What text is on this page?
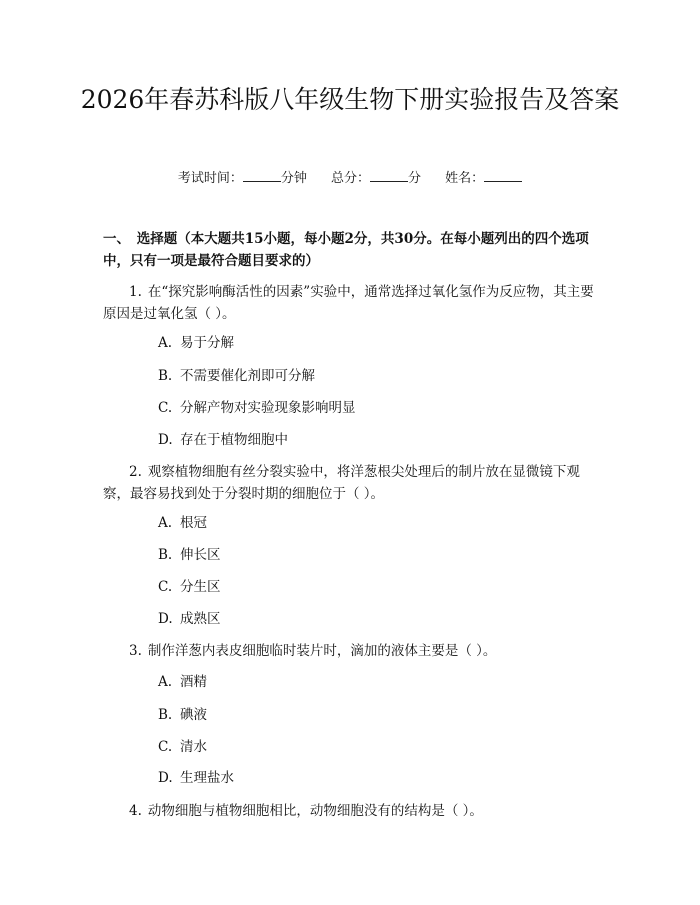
2026年春苏科版八年级生物下册实验报告及答案
考试时间：	分钟 总分：	分 姓名：

一、　选择题（本大题共15小题，每小题2分，共30分。在每小题列出的四个选项中，只有一项是最符合题目要求的）

1. 在“探究影响酶活性的因素”实验中，通常选择过氧化氢作为反应物，其主要原因是过氧化氢（ ）。

A. 易于分解

B. 不需要催化剂即可分解

C. 分解产物对实验现象影响明显

D. 存在于植物细胞中

2. 观察植物细胞有丝分裂实验中，将洋葱根尖处理后的制片放在显微镜下观察，最容易找到处于分裂时期的细胞位于（ ）。

A. 根冠

B. 伸长区

C. 分生区

D. 成熟区

3. 制作洋葱内表皮细胞临时装片时，滴加的液体主要是（ ）。

A. 酒精

B. 碘液

C. 清水

D. 生理盐水

4. 动物细胞与植物细胞相比，动物细胞没有的结构是（ ）。
